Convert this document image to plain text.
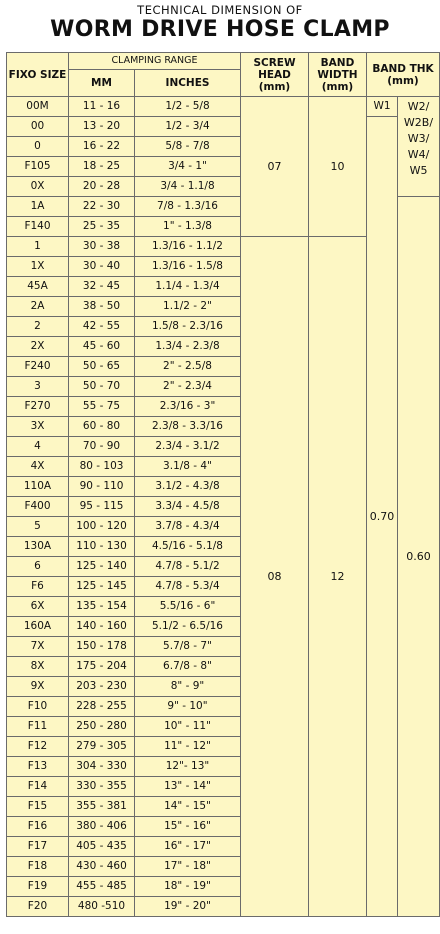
TECHNICAL DIMENSION OF
WORM DRIVE HOSE CLAMP
FIXO SIZE	CLAMPING RANGE		SCREW HEAD (mm)	BAND WIDTH (mm)	BAND THK (mm)	
	MM	INCHES				
00M	11 - 16	1/2 - 5/8	07	10	W1	W2/ W2B/ W3/ W4/ W5
00	13 - 20	1/2 - 3/4			0.70	
0	16 - 22	5/8 - 7/8				
F105	18 - 25	3/4 - 1"				
0X	20 - 28	3/4 - 1.1/8				
1A	22 - 30	7/8 - 1.3/16				0.60
F140	25 - 35	1" - 1.3/8				
1	30 - 38	1.3/16 - 1.1/2	08	12		
1X	30 - 40	1.3/16 - 1.5/8				
45A	32 - 45	1.1/4 - 1.3/4				
2A	38 - 50	1.1/2 - 2"				
2	42 - 55	1.5/8 - 2.3/16				
2X	45 - 60	1.3/4 - 2.3/8				
F240	50 - 65	2" - 2.5/8				
3	50 - 70	2" - 2.3/4				
F270	55 - 75	2.3/16 - 3"				
3X	60 - 80	2.3/8 - 3.3/16				
4	70 - 90	2.3/4 - 3.1/2				
4X	80 - 103	3.1/8 - 4"				
110A	90 - 110	3.1/2 - 4.3/8				
F400	95 - 115	3.3/4 - 4.5/8				
5	100 - 120	3.7/8 - 4.3/4				
130A	110 - 130	4.5/16 - 5.1/8				
6	125 - 140	4.7/8 - 5.1/2				
F6	125 - 145	4.7/8 - 5.3/4				
6X	135 - 154	5.5/16 - 6"				
160A	140 - 160	5.1/2 - 6.5/16				
7X	150 - 178	5.7/8 - 7"				
8X	175 - 204	6.7/8 - 8"				
9X	203 - 230	8" - 9"				
F10	228 - 255	9" - 10"				
F11	250 - 280	10" - 11"				
F12	279 - 305	11" - 12"				
F13	304 - 330	12"- 13"				
F14	330 - 355	13" - 14"				
F15	355 - 381	14" - 15"				
F16	380 - 406	15" - 16"				
F17	405 - 435	16" - 17"				
F18	430 - 460	17" - 18"				
F19	455 - 485	18" - 19"				
F20	480 -510	19" - 20"				
